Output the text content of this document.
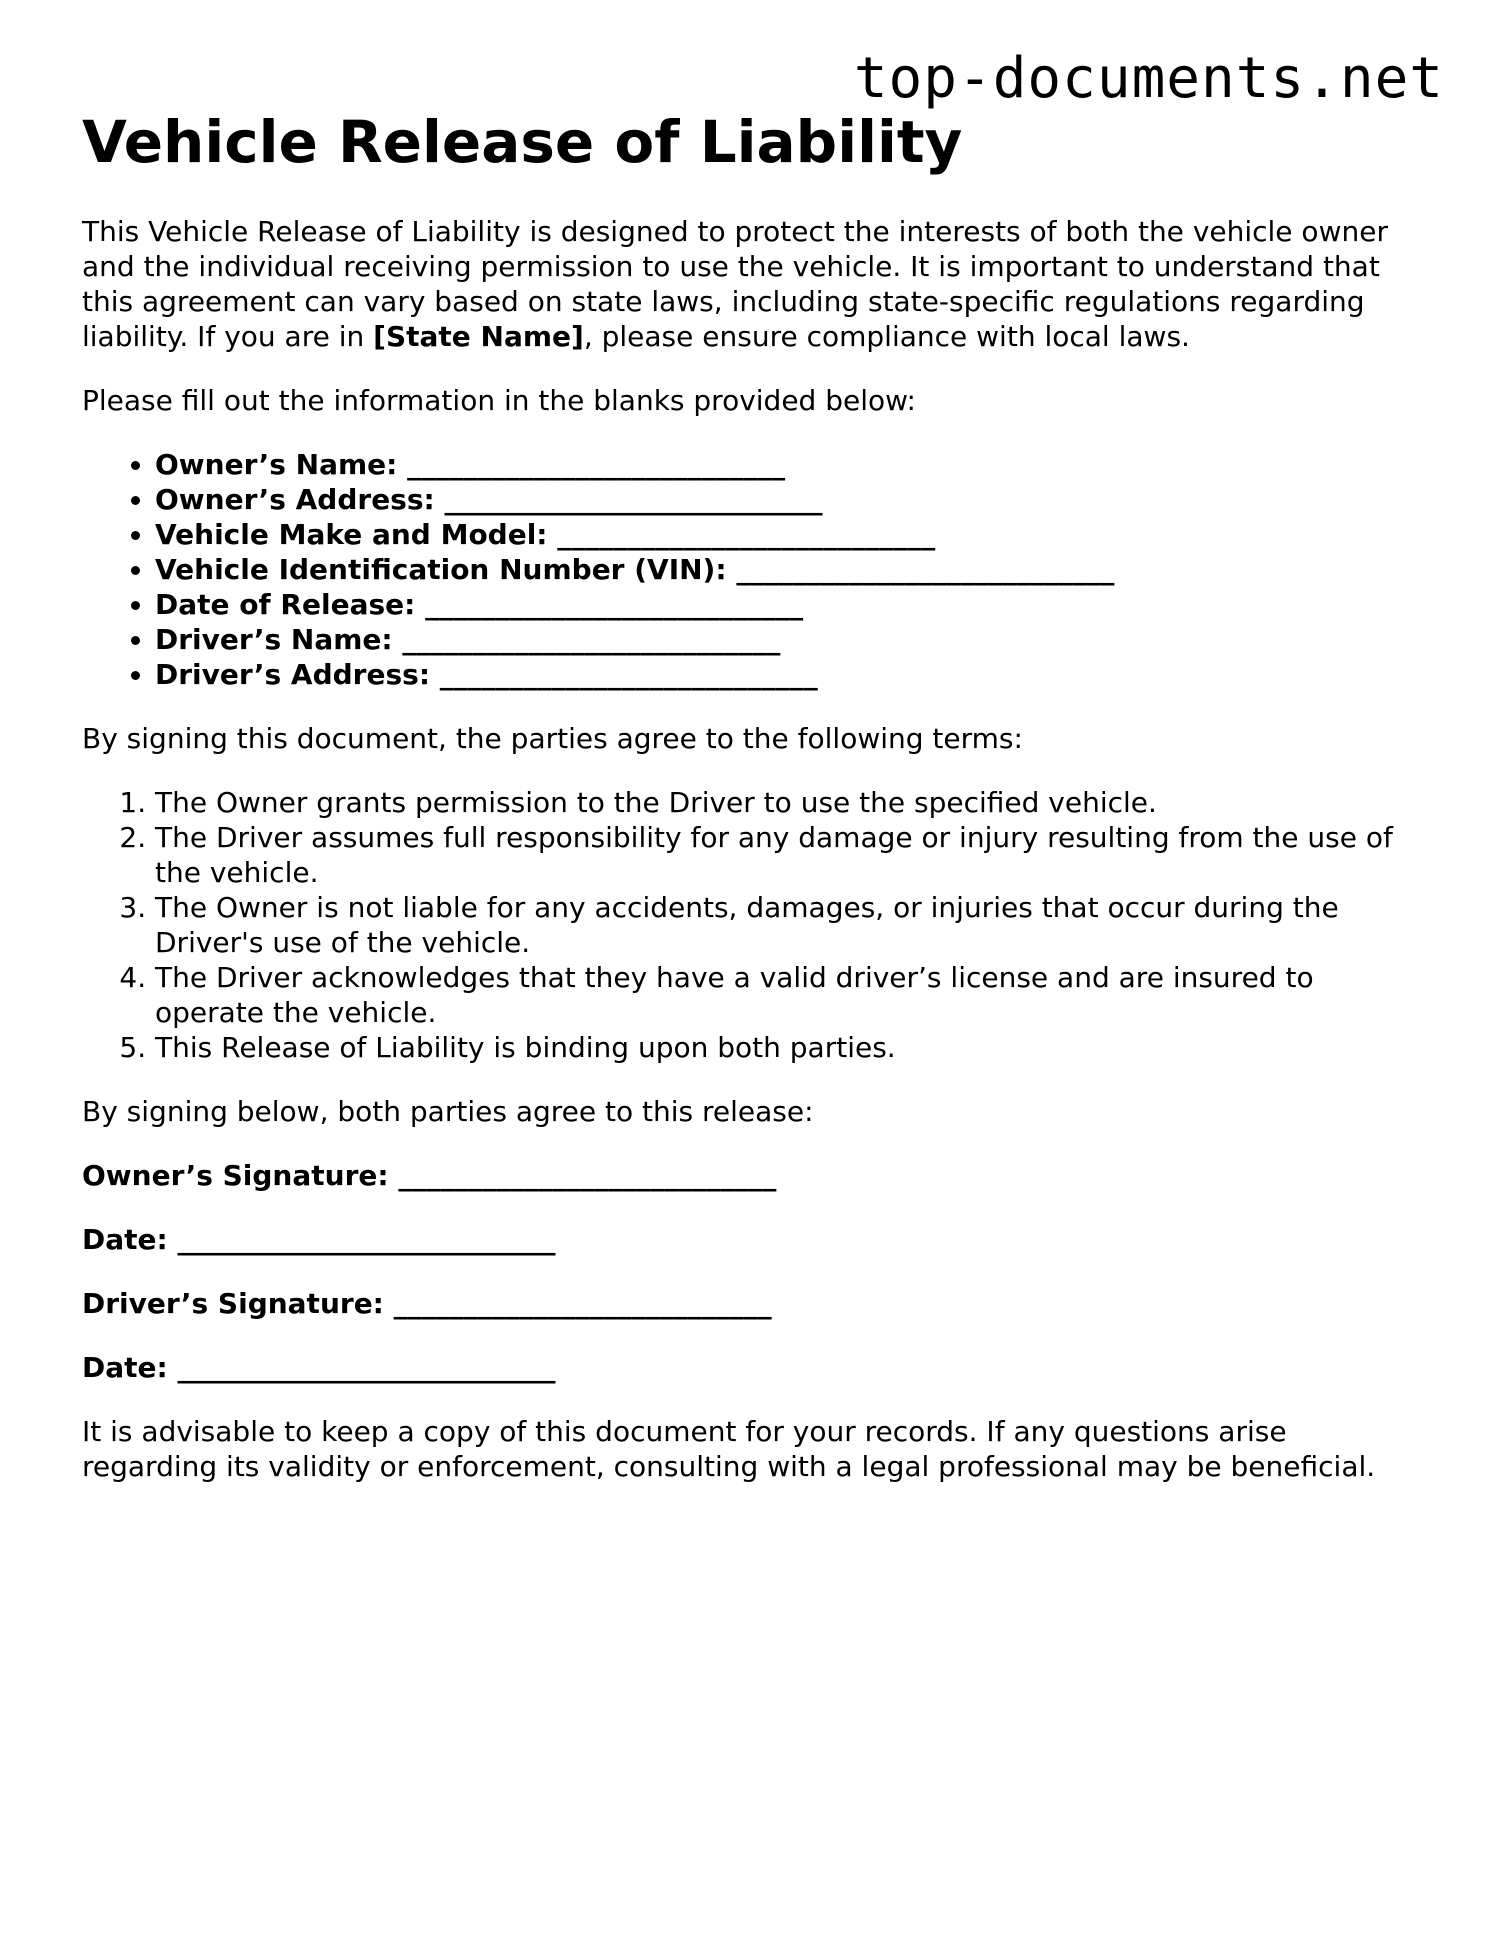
top-documents.net
Vehicle Release of Liability

This Vehicle Release of Liability is designed to protect the interests of both the vehicle owner and the individual receiving permission to use the vehicle. It is important to understand that this agreement can vary based on state laws, including state-specific regulations regarding liability. If you are in [State Name], please ensure compliance with local laws.

Please fill out the information in the blanks provided below:

• Owner’s Name: ___________________________
• Owner’s Address: ___________________________
• Vehicle Make and Model: ___________________________
• Vehicle Identification Number (VIN): ___________________________
• Date of Release: ___________________________
• Driver’s Name: ___________________________
• Driver’s Address: ___________________________

By signing this document, the parties agree to the following terms:

1. The Owner grants permission to the Driver to use the specified vehicle.
2. The Driver assumes full responsibility for any damage or injury resulting from the use of the vehicle.
3. The Owner is not liable for any accidents, damages, or injuries that occur during the Driver's use of the vehicle.
4. The Driver acknowledges that they have a valid driver’s license and are insured to operate the vehicle.
5. This Release of Liability is binding upon both parties.

By signing below, both parties agree to this release:

Owner’s Signature: ___________________________

Date: ___________________________

Driver’s Signature: ___________________________

Date: ___________________________

It is advisable to keep a copy of this document for your records. If any questions arise regarding its validity or enforcement, consulting with a legal professional may be beneficial.
